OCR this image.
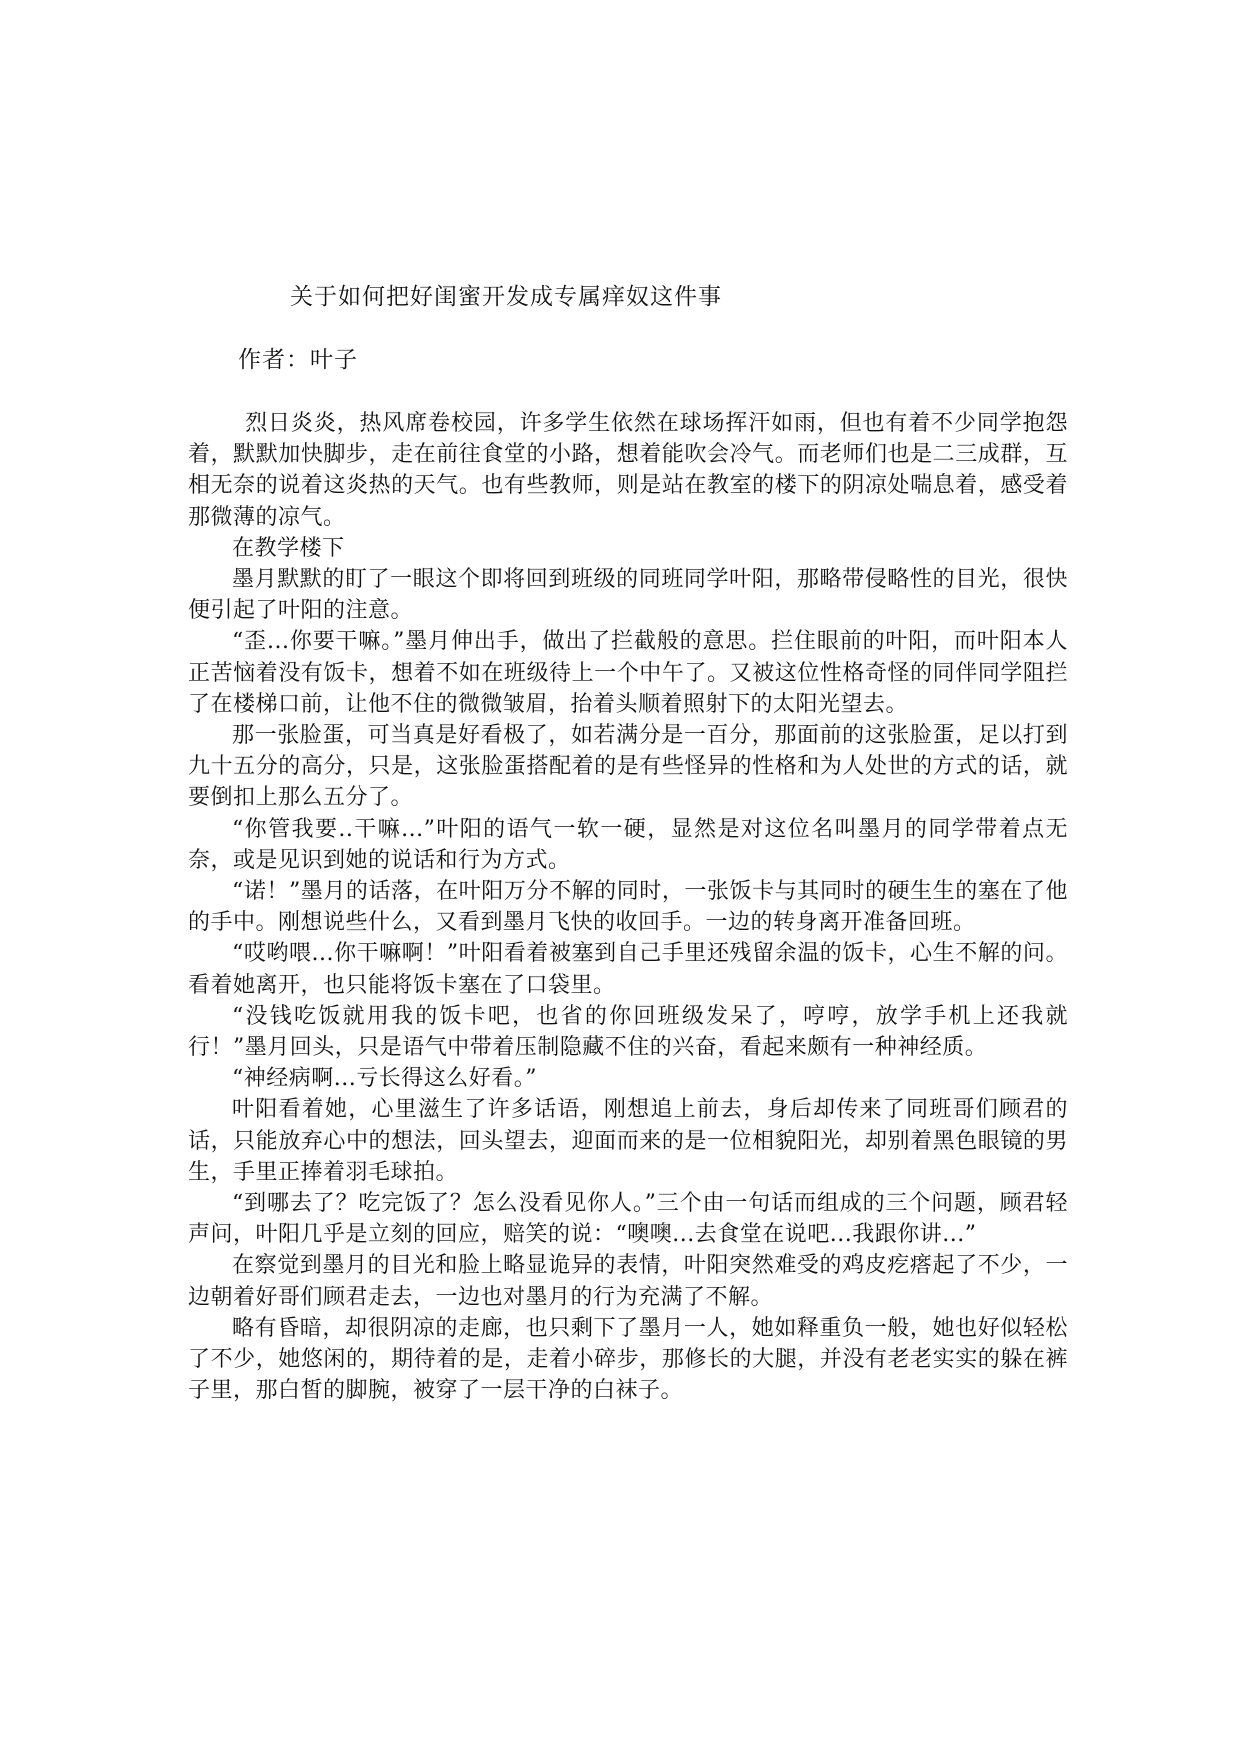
关于如何把好闺蜜开发成专属痒奴这件事
作者：叶子

烈日炎炎，热风席卷校园，许多学生依然在球场挥汗如雨，但也有着不少同学抱怨着，默默加快脚步，走在前往食堂的小路，想着能吹会冷气。而老师们也是二三成群，互相无奈的说着这炎热的天气。也有些教师，则是站在教室的楼下的阴凉处喘息着，感受着那微薄的凉气。

在教学楼下

墨月默默的盯了一眼这个即将回到班级的同班同学叶阳，那略带侵略性的目光，很快便引起了叶阳的注意。

“歪...你要干嘛。”墨月伸出手，做出了拦截般的意思。拦住眼前的叶阳，而叶阳本人正苦恼着没有饭卡，想着不如在班级待上一个中午了。又被这位性格奇怪的同伴同学阻拦了在楼梯口前，让他不住的微微皱眉，抬着头顺着照射下的太阳光望去。

那一张脸蛋，可当真是好看极了，如若满分是一百分，那面前的这张脸蛋，足以打到九十五分的高分，只是，这张脸蛋搭配着的是有些怪异的性格和为人处世的方式的话，就要倒扣上那么五分了。

“你管我要..干嘛...”叶阳的语气一软一硬，显然是对这位名叫墨月的同学带着点无奈，或是见识到她的说话和行为方式。

“诺！”墨月的话落，在叶阳万分不解的同时，一张饭卡与其同时的硬生生的塞在了他的手中。刚想说些什么，又看到墨月飞快的收回手。一边的转身离开准备回班。

“哎哟喂...你干嘛啊！”叶阳看着被塞到自己手里还残留余温的饭卡，心生不解的问。看着她离开，也只能将饭卡塞在了口袋里。

“没钱吃饭就用我的饭卡吧，也省的你回班级发呆了，哼哼，放学手机上还我就行！”墨月回头，只是语气中带着压制隐藏不住的兴奋，看起来颇有一种神经质。

“神经病啊...亏长得这么好看。”

叶阳看着她，心里滋生了许多话语，刚想追上前去，身后却传来了同班哥们顾君的话，只能放弃心中的想法，回头望去，迎面而来的是一位相貌阳光，却别着黑色眼镜的男生，手里正捧着羽毛球拍。

“到哪去了？吃完饭了？怎么没看见你人。”三个由一句话而组成的三个问题，顾君轻声问，叶阳几乎是立刻的回应，赔笑的说：“噢噢...去食堂在说吧...我跟你讲...”

在察觉到墨月的目光和脸上略显诡异的表情，叶阳突然难受的鸡皮疙瘩起了不少，一边朝着好哥们顾君走去，一边也对墨月的行为充满了不解。

略有昏暗，却很阴凉的走廊，也只剩下了墨月一人，她如释重负一般，她也好似轻松了不少，她悠闲的，期待着的是，走着小碎步，那修长的大腿，并没有老老实实的躲在裤子里，那白皙的脚腕，被穿了一层干净的白袜子。
